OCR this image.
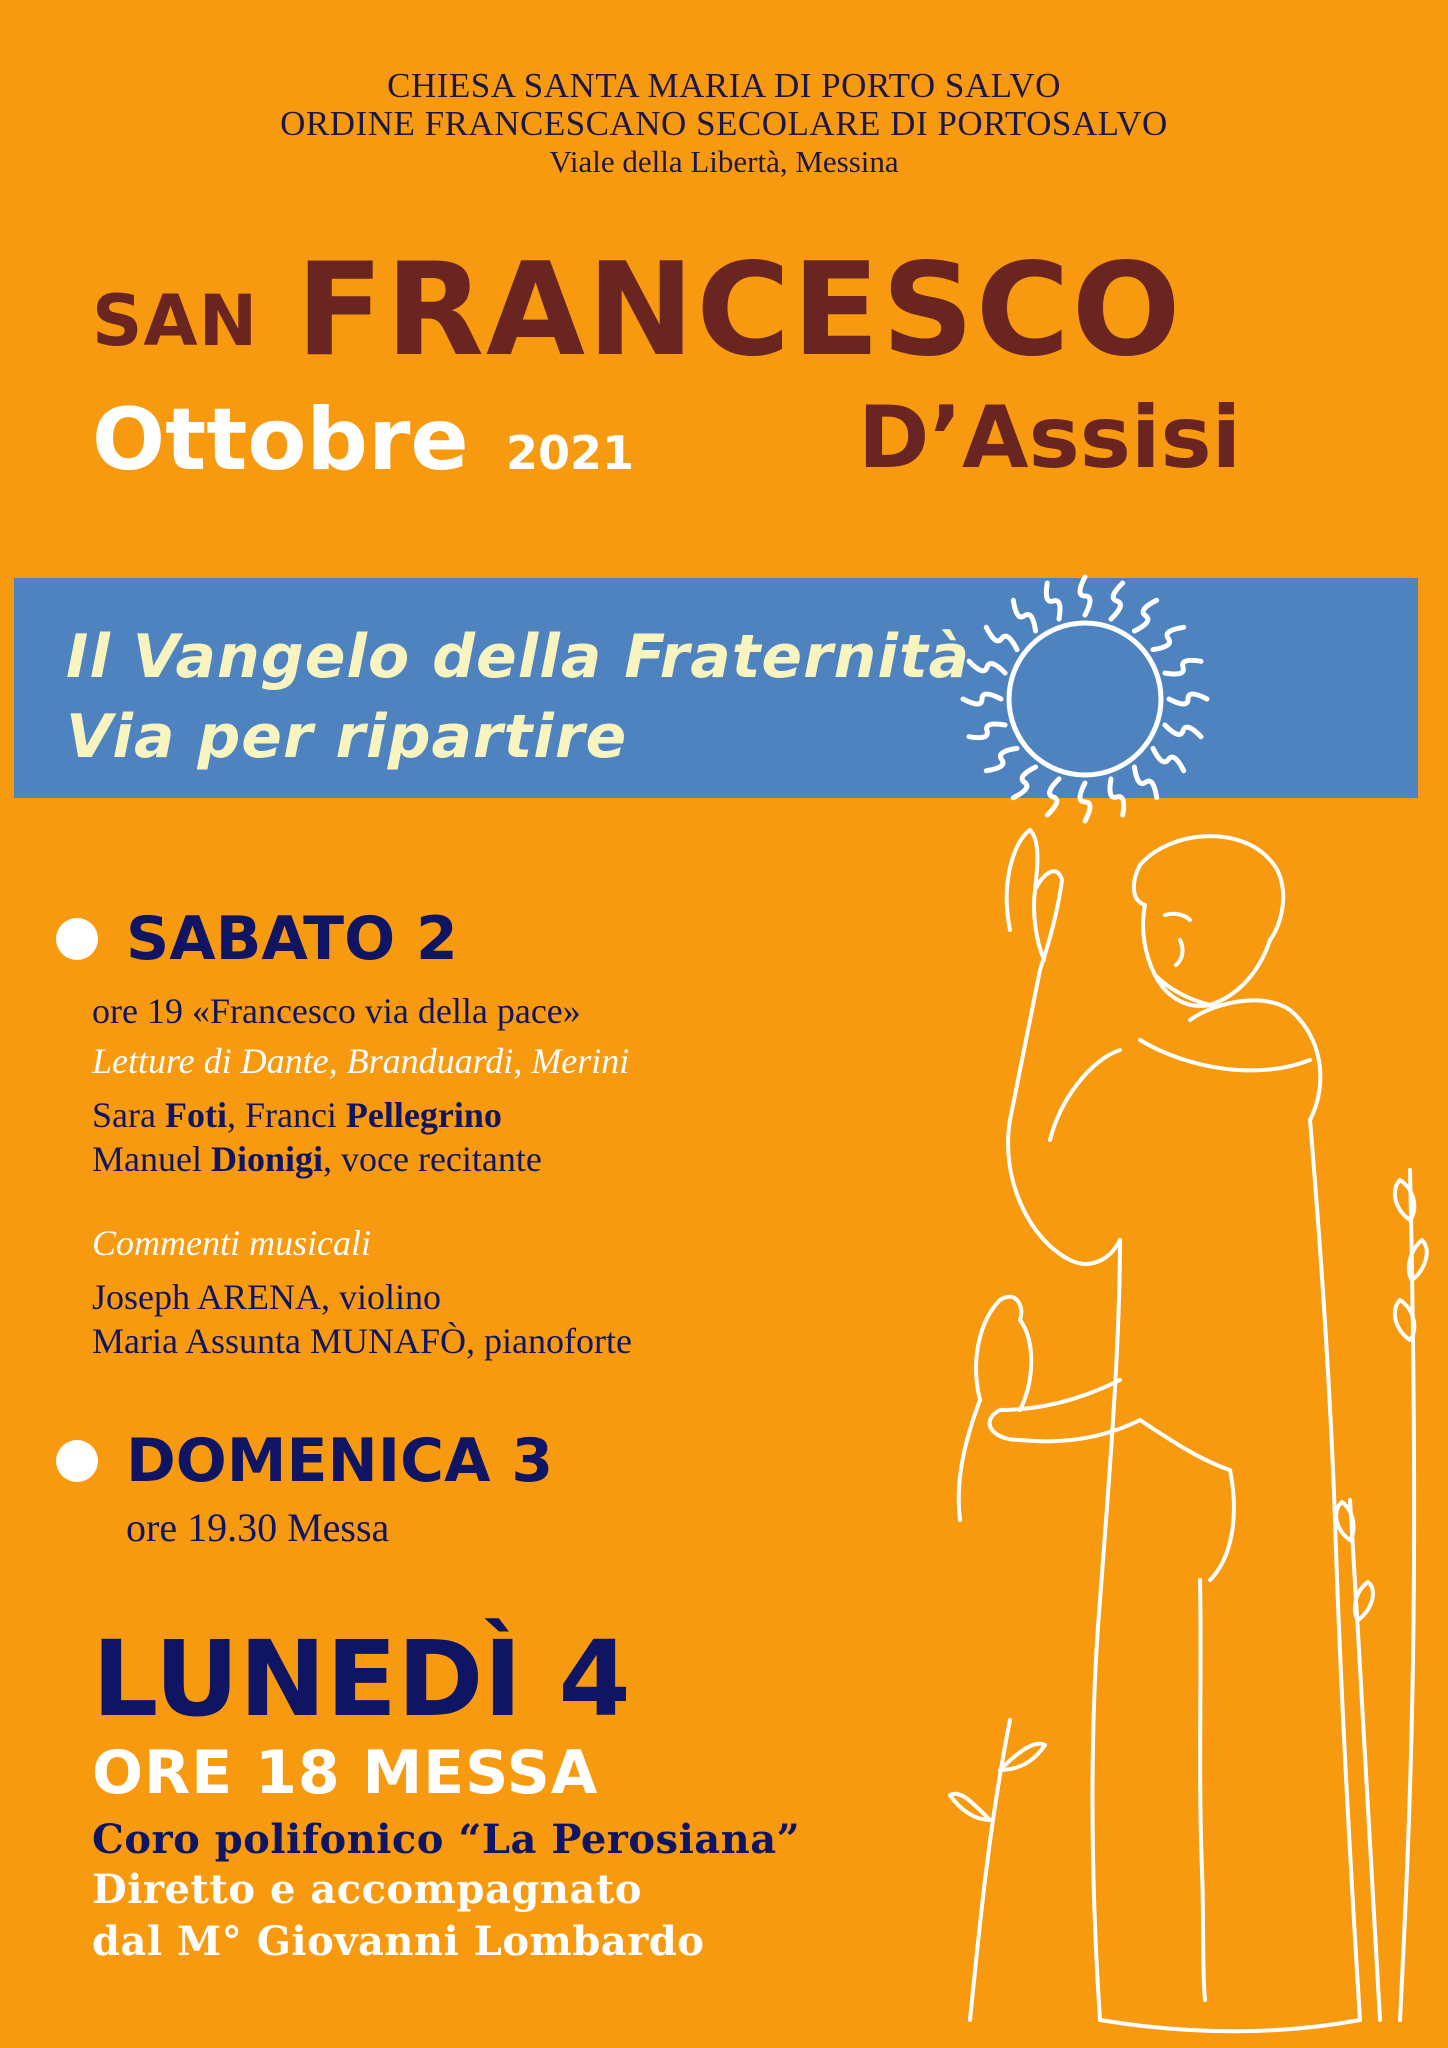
CHIESA SANTA MARIA DI PORTO SALVO
ORDINE FRANCESCANO SECOLARE DI PORTOSALVO
Viale della Libertà, Messina
SAN FRANCESCO
Ottobre 2021	D’Assisi
Il Vangelo della Fraternità
Via per ripartire
SABATO 2
ore 19 «Francesco via della pace»
Letture di Dante, Branduardi, Merini
Sara Foti, Franci Pellegrino
Manuel Dionigi, voce recitante
Commenti musicali
Joseph ARENA, violino
Maria Assunta MUNAFÒ, pianoforte
DOMENICA 3
ore 19.30 Messa
LUNEDÌ 4
ORE 18 MESSA
Coro polifonico “La Perosiana”
Diretto e accompagnato
dal M° Giovanni Lombardo
